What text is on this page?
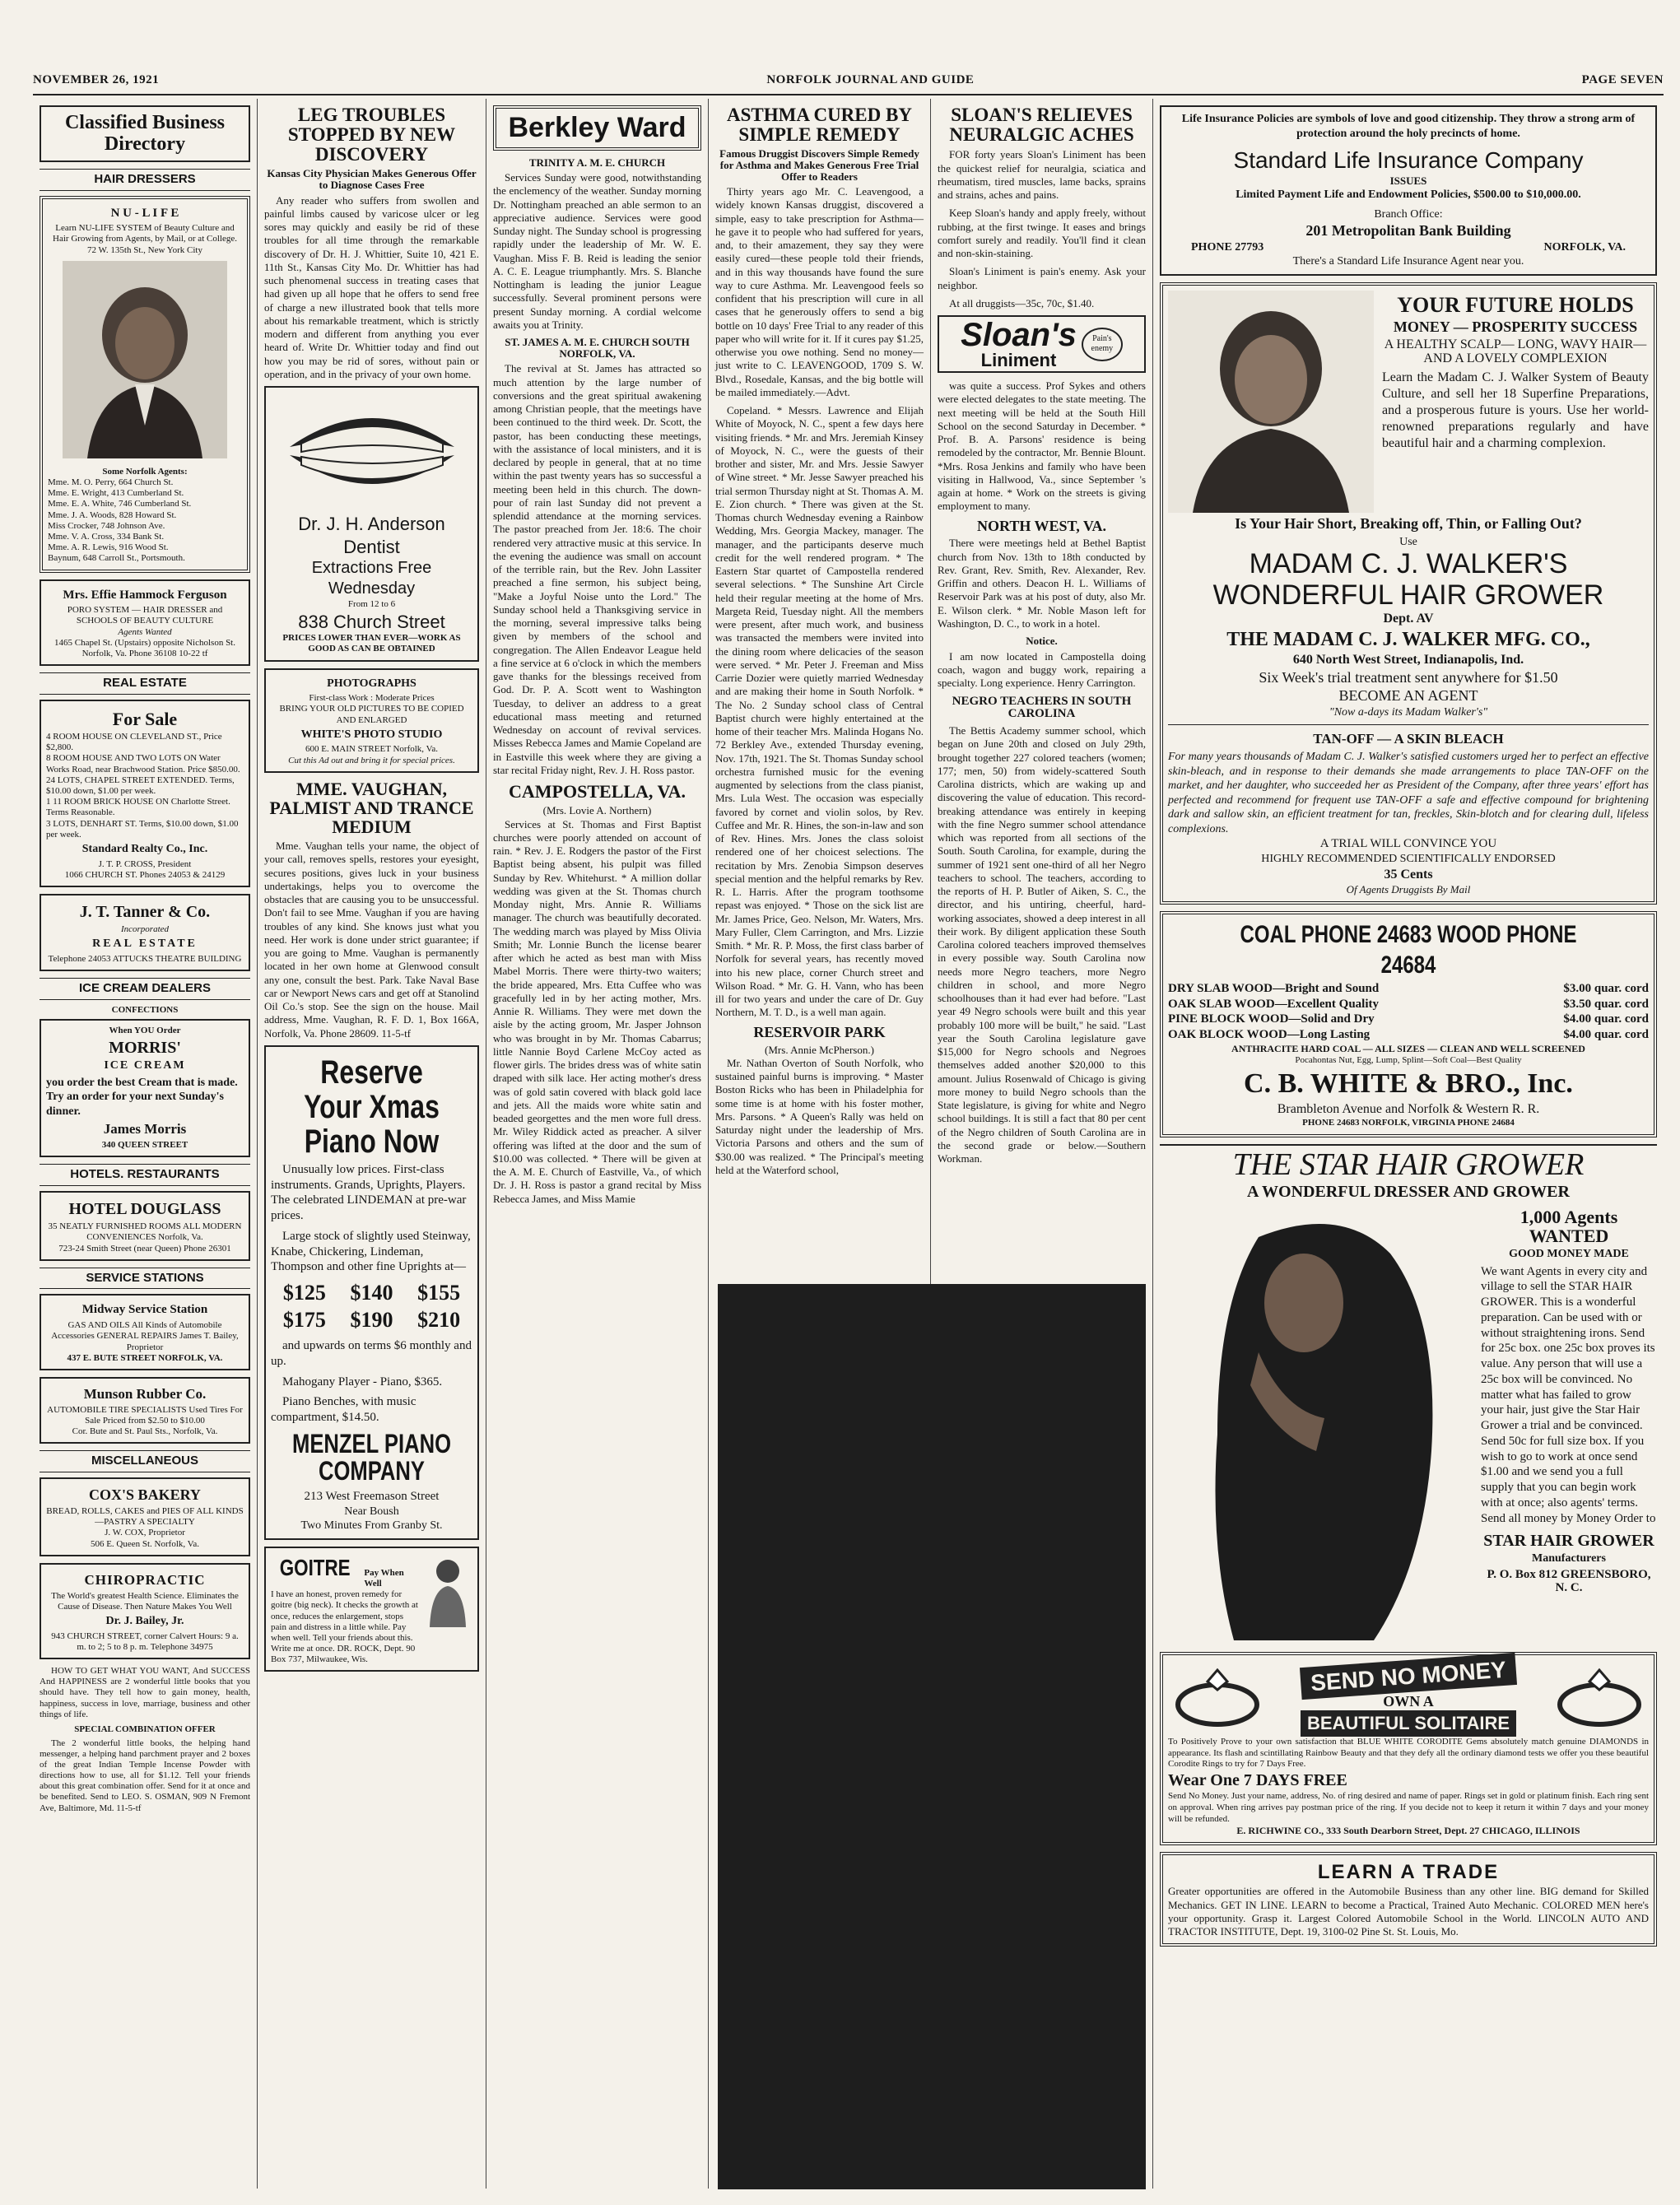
NOVEMBER 26, 1921	NORFOLK JOURNAL AND GUIDE	PAGE SEVEN
Classified Business Directory
HAIR DRESSERS
N U - L I F E
Learn NU-LIFE SYSTEM of Beauty Culture and Hair Growing from Agents, by Mail, or at College. 72 W. 135th St., New York City
Some Norfolk Agents:
Mme. M. O. Perry, 664 Church St.
Mme. E. Wright, 413 Cumberland St.
Mme. E. A. White, 746 Cumberland St.
Mme. J. A. Woods, 828 Howard St.
Miss Crocker, 748 Johnson Ave.
Mme. V. A. Cross, 334 Bank St.
Mme. A. R. Lewis, 916 Wood St.
Baynum, 648 Carroll St., Portsmouth.
Mrs. Effie Hammock Ferguson
PORO SYSTEM — HAIR DRESSER and SCHOOLS OF BEAUTY CULTURE
Agents Wanted
1465 Chapel St. (Upstairs) opposite Nicholson St. Norfolk, Va. Phone 36108 10-22 tf
REAL ESTATE
For Sale
4 ROOM HOUSE ON CLEVELAND ST., Price $2,800.
8 ROOM HOUSE AND TWO LOTS ON Water Works Road, near Brachwood Station. Price $850.00.
24 LOTS, CHAPEL STREET EXTENDED. Terms, $10.00 down, $1.00 per week.
1 11 ROOM BRICK HOUSE ON Charlotte Street. Terms Reasonable.
3 LOTS, DENHART ST. Terms, $10.00 down, $1.00 per week.
Standard Realty Co., Inc.
J. T. P. CROSS, President
1066 CHURCH ST. Phones 24053 & 24129
J. T. Tanner & Co.
Incorporated
REAL ESTATE
Telephone 24053 ATTUCKS THEATRE BUILDING
ICE CREAM DEALERS
CONFECTIONS
When YOU Order
MORRIS'
ICE CREAM
you order the best Cream that is made. Try an order for your next Sunday's dinner.
James Morris
340 QUEEN STREET
HOTELS. RESTAURANTS
HOTEL DOUGLASS
35 NEATLY FURNISHED ROOMS ALL MODERN CONVENIENCES Norfolk, Va.
723-24 Smith Street (near Queen) Phone 26301
SERVICE STATIONS
Midway Service Station
GAS AND OILS All Kinds of Automobile Accessories GENERAL REPAIRS James T. Bailey, Proprietor
437 E. BUTE STREET NORFOLK, VA.
Munson Rubber Co.
AUTOMOBILE TIRE SPECIALISTS Used Tires For Sale Priced from $2.50 to $10.00
Cor. Bute and St. Paul Sts., Norfolk, Va.
MISCELLANEOUS
COX'S BAKERY
BREAD, ROLLS, CAKES and PIES OF ALL KINDS—PASTRY A SPECIALTY
J. W. COX, Proprietor
506 E. Queen St. Norfolk, Va.
CHIROPRACTIC
The World's greatest Health Science. Eliminates the Cause of Disease. Then Nature Makes You Well
Dr. J. Bailey, Jr.
943 CHURCH STREET, corner Calvert Hours: 9 a. m. to 2; 5 to 8 p. m. Telephone 34975

HOW TO GET WHAT YOU WANT, And SUCCESS And HAPPINESS are 2 wonderful little books that you should have. They tell how to gain money, health, happiness, success in love, marriage, business and other things of life.

SPECIAL COMBINATION OFFER

The 2 wonderful little books, the helping hand messenger, a helping hand parchment prayer and 2 boxes of the great Indian Temple Incense Powder with directions how to use, all for $1.12. Tell your friends about this great combination offer. Send for it at once and be benefited. Send to LEO. S. OSMAN, 909 N Fremont Ave, Baltimore, Md. 11-5-tf

LEG TROUBLES STOPPED BY NEW DISCOVERY
Kansas City Physician Makes Generous Offer to Diagnose Cases Free

Any reader who suffers from swollen and painful limbs caused by varicose ulcer or leg sores may quickly and easily be rid of these troubles for all time through the remarkable discovery of Dr. H. J. Whittier, Suite 10, 421 E. 11th St., Kansas City Mo. Dr. Whittier has had such phenomenal success in treating cases that had given up all hope that he offers to send free of charge a new illustrated book that tells more about his remarkable treatment, which is strictly modern and different from anything you ever heard of. Write Dr. Whittier today and find out how you may be rid of sores, without pain or operation, and in the privacy of your own home.

Dr. J. H. Anderson
Dentist
Extractions Free
Wednesday
From 12 to 6
838 Church Street
PRICES LOWER THAN EVER—WORK AS GOOD AS CAN BE OBTAINED
PHOTOGRAPHS
First-class Work : Moderate Prices
BRING YOUR OLD PICTURES TO BE COPIED AND ENLARGED
WHITE'S PHOTO STUDIO
600 E. MAIN STREET Norfolk, Va.
Cut this Ad out and bring it for special prices.
MME. VAUGHAN, PALMIST AND TRANCE MEDIUM

Mme. Vaughan tells your name, the object of your call, removes spells, restores your eyesight, secures positions, gives luck in your business undertakings, helps you to overcome the obstacles that are causing you to be unsuccessful. Don't fail to see Mme. Vaughan if you are having troubles of any kind. She knows just what you need. Her work is done under strict guarantee; if you are going to Mme. Vaughan is permanently located in her own home at Glenwood consult any one, consult the best. Park. Take Naval Base car or Newport News cars and get off at Stanolind Oil Co.'s stop. See the sign on the house. Mail address, Mme. Vaughan, R. F. D. 1, Box 166A, Norfolk, Va. Phone 28609. 11-5-tf

Reserve Your Xmas Piano Now

Unusually low prices. First-class instruments. Grands, Uprights, Players. The celebrated LINDEMAN at pre-war prices.

Large stock of slightly used Steinway, Knabe, Chickering, Lindeman, Thompson and other fine Uprights at—

$125	$140	$155
$175	$190	$210

and upwards on terms $6 monthly and up.

Mahogany Player - Piano, $365.

Piano Benches, with music compartment, $14.50.

MENZEL PIANO COMPANY
213 West Freemason Street
Near Boush
Two Minutes From Granby St.
GOITRE Pay When Well
I have an honest, proven remedy for goitre (big neck). It checks the growth at once, reduces the enlargement, stops pain and distress in a little while. Pay when well. Tell your friends about this. Write me at once. DR. ROCK, Dept. 90 Box 737, Milwaukee, Wis.
Berkley Ward
TRINITY A. M. E. CHURCH

Services Sunday were good, notwithstanding the enclemency of the weather. Sunday morning Dr. Nottingham preached an able sermon to an appreciative audience. Services were good Sunday night. The Sunday school is progressing rapidly under the leadership of Mr. W. E. Vaughan. Miss F. B. Reid is leading the senior A. C. E. League triumphantly. Mrs. S. Blanche Nottingham is leading the junior League successfully. Several prominent persons were present Sunday morning. A cordial welcome awaits you at Trinity.

ST. JAMES A. M. E. CHURCH SOUTH NORFOLK, VA.

The revival at St. James has attracted so much attention by the large number of conversions and the great spiritual awakening among Christian people, that the meetings have been continued to the third week. Dr. Scott, the pastor, has been conducting these meetings, with the assistance of local ministers, and it is declared by people in general, that at no time within the past twenty years has so successful a meeting been held in this church. The down-pour of rain last Sunday did not prevent a splendid attendance at the morning services. The pastor preached from Jer. 18:6. The choir rendered very attractive music at this service. In the evening the audience was small on account of the terrible rain, but the Rev. John Lassiter preached a fine sermon, his subject being, "Make a Joyful Noise unto the Lord." The Sunday school held a Thanksgiving service in the morning, several impressive talks being given by members of the school and congregation. The Allen Endeavor League held a fine service at 6 o'clock in which the members gave thanks for the blessings received from God. Dr. P. A. Scott went to Washington Tuesday, to deliver an address to a great educational mass meeting and returned Wednesday on account of revival services. Misses Rebecca James and Mamie Copeland are in Eastville this week where they are giving a star recital Friday night, Rev. J. H. Ross pastor.

CAMPOSTELLA, VA.
(Mrs. Lovie A. Northern)

Services at St. Thomas and First Baptist churches were poorly attended on account of rain. * Rev. J. E. Rodgers the pastor of the First Baptist being absent, his pulpit was filled Sunday by Rev. Whitehurst. * A million dollar wedding was given at the St. Thomas church Monday night, Mrs. Annie R. Williams manager. The church was beautifully decorated. The wedding march was played by Miss Olivia Smith; Mr. Lonnie Bunch the license bearer after which he acted as best man with Miss Mabel Morris. There were thirty-two waiters; the bride appeared, Mrs. Etta Cuffee who was gracefully led in by her acting mother, Mrs. Annie R. Williams. They were met down the aisle by the acting groom, Mr. Jasper Johnson who was brought in by Mr. Thomas Cabarrus; little Nannie Boyd Carlene McCoy acted as flower girls. The brides dress was of white satin draped with silk lace. Her acting mother's dress was of gold satin covered with black gold lace and jets. All the maids wore white satin and beaded georgettes and the men wore full dress. Mr. Wiley Riddick acted as preacher. A silver offering was lifted at the door and the sum of $10.00 was collected. * There will be given at the A. M. E. Church of Eastville, Va., of which Dr. J. H. Ross is pastor a grand recital by Miss Rebecca James, and Miss Mamie

ASTHMA CURED BY SIMPLE REMEDY
Famous Druggist Discovers Simple Remedy for Asthma and Makes Generous Free Trial Offer to Readers

Thirty years ago Mr. C. Leavengood, a widely known Kansas druggist, discovered a simple, easy to take prescription for Asthma—he gave it to people who had suffered for years, and, to their amazement, they say they were easily cured—these people told their friends, and in this way thousands have found the sure way to cure Asthma. Mr. Leavengood feels so confident that his prescription will cure in all cases that he generously offers to send a big bottle on 10 days' Free Trial to any reader of this paper who will write for it. If it cures pay $1.25, otherwise you owe nothing. Send no money—just write to C. LEAVENGOOD, 1709 S. W. Blvd., Rosedale, Kansas, and the big bottle will be mailed immediately.—Advt.

Copeland. * Messrs. Lawrence and Elijah White of Moyock, N. C., spent a few days here visiting friends. * Mr. and Mrs. Jeremiah Kinsey of Moyock, N. C., were the guests of their brother and sister, Mr. and Mrs. Jessie Sawyer of Wine street. * Mr. Jesse Sawyer preached his trial sermon Thursday night at St. Thomas A. M. E. Zion church. * There was given at the St. Thomas church Wednesday evening a Rainbow Wedding, Mrs. Georgia Mackey, manager. The manager, and the participants deserve much credit for the well rendered program. * The Eastern Star quartet of Campostella rendered several selections. * The Sunshine Art Circle held their regular meeting at the home of Mrs. Margeta Reid, Tuesday night. All the members were present, after much work, and business was transacted the members were invited into the dining room where delicacies of the season were served. * Mr. Peter J. Freeman and Miss Carrie Dozier were quietly married Wednesday and are making their home in South Norfolk. * The No. 2 Sunday school class of Central Baptist church were highly entertained at the home of their teacher Mrs. Malinda Hogans No. 72 Berkley Ave., extended Thursday evening, Nov. 17th, 1921. The St. Thomas Sunday school orchestra furnished music for the evening augmented by selections from the class pianist, Mrs. Lula West. The occasion was especially favored by cornet and violin solos, by Rev. Cuffee and Mr. R. Hines, the son-in-law and son of Rev. Hines. Mrs. Jones the class soloist rendered one of her choicest selections. The recitation by Mrs. Zenobia Simpson deserves special mention and the helpful remarks by Rev. R. L. Harris. After the program toothsome repast was enjoyed. * Those on the sick list are Mr. James Price, Geo. Nelson, Mr. Waters, Mrs. Mary Fuller, Clem Carrington, and Mrs. Lizzie Smith. * Mr. R. P. Moss, the first class barber of Norfolk for several years, has recently moved into his new place, corner Church street and Wilson Road. * Mr. G. H. Vann, who has been ill for two years and under the care of Dr. Guy Northern, M. T. D., is a well man again.

RESERVOIR PARK
(Mrs. Annie McPherson.)

Mr. Nathan Overton of South Norfolk, who sustained painful burns is improving. * Master Boston Ricks who has been in Philadelphia for some time is at home with his foster mother, Mrs. Parsons. * A Queen's Rally was held on Saturday night under the leadership of Mrs. Victoria Parsons and others and the sum of $30.00 was realized. * The Principal's meeting held at the Waterford school,

SLOAN'S RELIEVES NEURALGIC ACHES

FOR forty years Sloan's Liniment has been the quickest relief for neuralgia, sciatica and rheumatism, tired muscles, lame backs, sprains and strains, aches and pains.

Keep Sloan's handy and apply freely, without rubbing, at the first twinge. It eases and brings comfort surely and readily. You'll find it clean and non-skin-staining.

Sloan's Liniment is pain's enemy. Ask your neighbor.

At all druggists—35c, 70c, $1.40.

Sloan's
Liniment
Pain's enemy

was quite a success. Prof Sykes and others were elected delegates to the state meeting. The next meeting will be held at the South Hill School on the second Saturday in December. * Prof. B. A. Parsons' residence is being remodeled by the contractor, Mr. Bennie Blount. *Mrs. Rosa Jenkins and family who have been visiting in Hallwood, Va., since September 's again at home. * Work on the streets is giving employment to many.

NORTH WEST, VA.

There were meetings held at Bethel Baptist church from Nov. 13th to 18th conducted by Rev. Grant, Rev. Smith, Rev. Alexander, Rev. Griffin and others. Deacon H. L. Williams of Reservoir Park was at his post of duty, also Mr. E. Wilson clerk. * Mr. Noble Mason left for Washington, D. C., to work in a hotel.

Notice.

I am now located in Campostella doing coach, wagon and buggy work, repairing a specialty. Long experience. Henry Carrington.

NEGRO TEACHERS IN SOUTH CAROLINA

The Bettis Academy summer school, which began on June 20th and closed on July 29th, brought together 227 colored teachers (women; 177; men, 50) from widely-scattered South Carolina districts, which are waking up and discovering the value of education. This record-breaking attendance was entirely in keeping with the fine Negro summer school attendance which was reported from all sections of the South. South Carolina, for example, during the summer of 1921 sent one-third of all her Negro teachers to school. The teachers, according to the reports of H. P. Butler of Aiken, S. C., the director, and his untiring, cheerful, hard-working associates, showed a deep interest in all their work. By diligent application these South Carolina colored teachers improved themselves in every possible way. South Carolina now needs more Negro teachers, more Negro children in school, and more Negro schoolhouses than it had ever had before. "Last year 49 Negro schools were built and this year probably 100 more will be built," he said. "Last year the South Carolina legislature gave $15,000 for Negro schools and Negroes themselves added another $20,000 to this amount. Julius Rosenwald of Chicago is giving more money to build Negro schools than the State legislature, is giving for white and Negro school buildings. It is still a fact that 80 per cent of the Negro children of South Carolina are in the second grade or below.—Southern Workman.

Life Insurance Policies are symbols of love and good citizenship. They throw a strong arm of protection around the holy precincts of home.
Standard Life Insurance Company
ISSUES
Limited Payment Life and Endowment Policies, $500.00 to $10,000.00.
Branch Office:
201 Metropolitan Bank Building
PHONE 27793	NORFOLK, VA.
There's a Standard Life Insurance Agent near you.
YOUR FUTURE HOLDS
MONEY — PROSPERITY SUCCESS
A HEALTHY SCALP— LONG, WAVY HAIR— AND A LOVELY COMPLEXION
Learn the Madam C. J. Walker System of Beauty Culture, and sell her 18 Superfine Preparations, and a prosperous future is yours. Use her world-renowned preparations regularly and have beautiful hair and a charming complexion.
Is Your Hair Short, Breaking off, Thin, or Falling Out?
Use
MADAM C. J. WALKER'S WONDERFUL HAIR GROWER
Dept. AV
THE MADAM C. J. WALKER MFG. CO.,
640 North West Street, Indianapolis, Ind.
Six Week's trial treatment sent anywhere for $1.50
BECOME AN AGENT
"Now a-days its Madam Walker's"
TAN-OFF — A SKIN BLEACH
For many years thousands of Madam C. J. Walker's satisfied customers urged her to perfect an effective skin-bleach, and in response to their demands she made arrangements to place TAN-OFF on the market, and her daughter, who succeeded her as President of the Company, after three years' effort has perfected and recommend for frequent use TAN-OFF a safe and effective compound for brightening dark and sallow skin, an efficient treatment for tan, freckles, Skin-blotch and for clearing dull, lifeless complexions.
A TRIAL WILL CONVINCE YOU
HIGHLY RECOMMENDED SCIENTIFICALLY ENDORSED
35 Cents
Of Agents Druggists By Mail
COAL PHONE 24683 WOOD PHONE 24684
DRY SLAB WOOD—Bright and Sound	$3.00 quar. cord
OAK SLAB WOOD—Excellent Quality	$3.50 quar. cord
PINE BLOCK WOOD—Solid and Dry	$4.00 quar. cord
OAK BLOCK WOOD—Long Lasting	$4.00 quar. cord
ANTHRACITE HARD COAL — ALL SIZES — CLEAN AND WELL SCREENED
Pocahontas Nut, Egg, Lump, Splint—Soft Coal—Best Quality
C. B. WHITE & BRO., Inc.
Brambleton Avenue and Norfolk & Western R. R.
PHONE 24683 NORFOLK, VIRGINIA PHONE 24684
THE STAR HAIR GROWER
A WONDERFUL DRESSER AND GROWER
1,000 Agents WANTED
GOOD MONEY MADE
We want Agents in every city and village to sell the STAR HAIR GROWER. This is a wonderful preparation. Can be used with or without straightening irons. Send for 25c box. one 25c box proves its value. Any person that will use a 25c box will be convinced. No matter what has failed to grow your hair, just give the Star Hair Grower a trial and be convinced. Send 50c for full size box. If you wish to go to work at once send $1.00 and we send you a full supply that you can begin work with at once; also agents' terms. Send all money by Money Order to
STAR HAIR GROWER
Manufacturers
P. O. Box 812 GREENSBORO, N. C.
SEND NO MONEY
OWN A
BEAUTIFUL SOLITAIRE
To Positively Prove to your own satisfaction that BLUE WHITE CORODITE Gems absolutely match genuine DIAMONDS in appearance. Its flash and scintillating Rainbow Beauty and that they defy all the ordinary diamond tests we offer you these beautiful Corodite Rings to try for 7 Days Free.
Wear One 7 DAYS FREE
Send No Money. Just your name, address, No. of ring desired and name of paper. Rings set in gold or platinum finish. Each ring sent on approval. When ring arrives pay postman price of the ring. If you decide not to keep it return it within 7 days and your money will be refunded.
E. RICHWINE CO., 333 South Dearborn Street, Dept. 27 CHICAGO, ILLINOIS
LEARN A TRADE
Greater opportunities are offered in the Automobile Business than any other line. BIG demand for Skilled Mechanics. GET IN LINE. LEARN to become a Practical, Trained Auto Mechanic. COLORED MEN here's your opportunity. Grasp it. Largest Colored Automobile School in the World. LINCOLN AUTO AND TRACTOR INSTITUTE, Dept. 19, 3100-02 Pine St. St. Louis, Mo.
